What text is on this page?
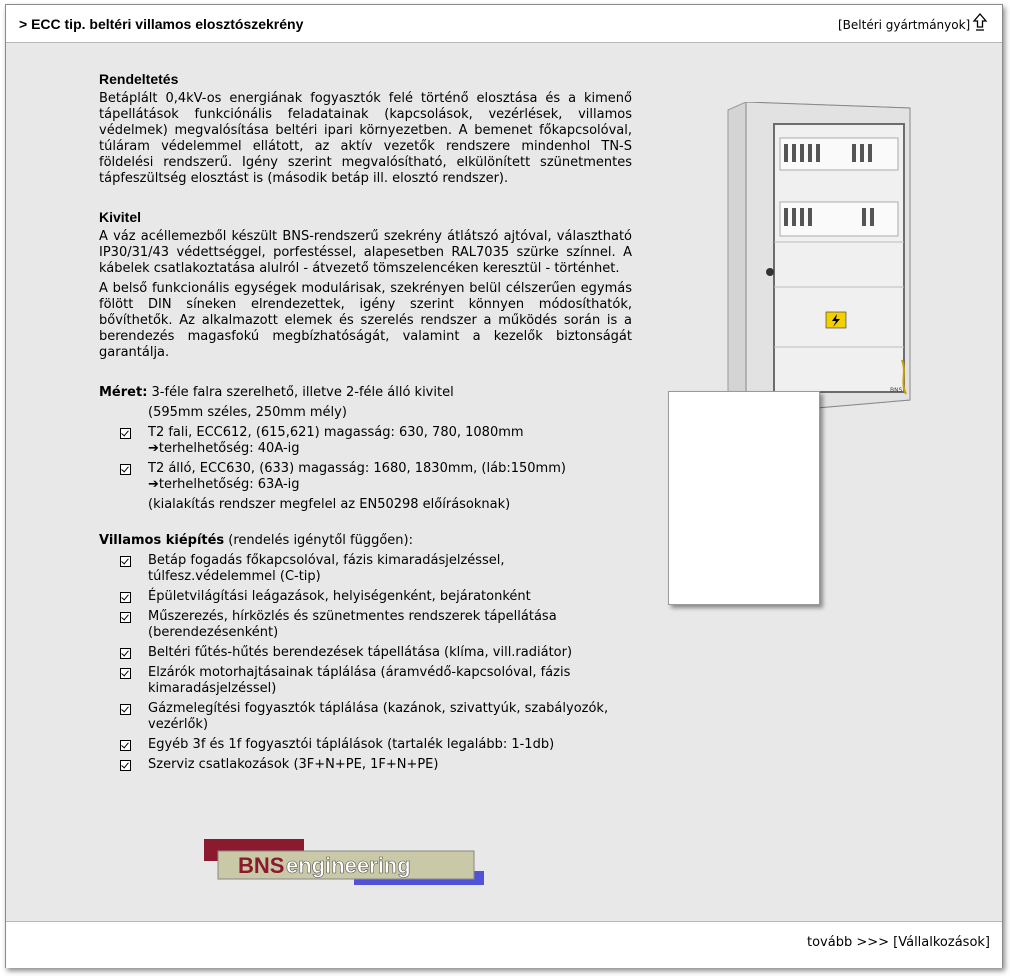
> ECC tip. beltéri villamos elosztószekrény	[Beltéri gyártmányok]
Rendeltetés

Betáplált 0,4kV-os energiának fogyasztók felé történő elosztása és a kimenő tápellátások funkciónális feladatainak (kapcsolások, vezérlések, villamos védelmek) megvalósítása beltéri ipari környezetben. A bemenet főkapcsolóval, túláram védelemmel ellátott, az aktív vezetők rendszere mindenhol TN-S földelési rendszerű. Igény szerint megvalósítható, elkülönített szünetmentes tápfeszültség elosztást is (második betáp ill. elosztó rendszer).

Kivitel

A váz acéllemezből készült BNS-rendszerű szekrény átlátszó ajtóval, választható IP30/31/43 védettséggel, porfestéssel, alapesetben RAL7035 szürke színnel. A kábelek csatlakoztatása alulról - átvezető tömszelencéken keresztül - történhet.

A belső funkcionális egységek modulárisak, szekrényen belül célszerűen egymás fölött DIN síneken elrendezettek, igény szerint könnyen módosíthatók, bővíthetők. Az alkalmazott elemek és szerelés rendszer a működés során is a berendezés magasfokú megbízhatóságát, valamint a kezelők biztonságát garantálja.

Méret: 3-féle falra szerelhető, illetve 2-féle álló kivitel
(595mm széles, 250mm mély)
T2 fali, ECC612, (615,621) magasság: 630, 780, 1080mm
➔terhelhetőség: 40A-ig
T2 álló, ECC630, (633) magasság: 1680, 1830mm, (láb:150mm)
➔terhelhetőség: 63A-ig
(kialakítás rendszer megfelel az EN50298 előírásoknak)
Villamos kiépítés (rendelés igénytől függően):
Betáp fogadás főkapcsolóval, fázis kimaradásjelzéssel, túlfesz.védelemmel (C-tip)
Épületvilágítási leágazások, helyiségenként, bejáratonként
Műszerezés, hírközlés és szünetmentes rendszerek tápellátása (berendezésenként)
Beltéri fűtés-hűtés berendezések tápellátása (klíma, vill.radiátor)
Elzárók motorhajtásainak táplálása (áramvédő-kapcsolóval, fázis kimaradásjelzéssel)
Gázmelegítési fogyasztók táplálása (kazánok, szivattyúk, szabályozók, vezérlők)
Egyéb 3f és 1f fogyasztói táplálások (tartalék legalább: 1-1db)
Szerviz csatlakozások (3F+N+PE, 1F+N+PE)
BNS
BNS engineering
tovább >>> [Vállalkozások]
